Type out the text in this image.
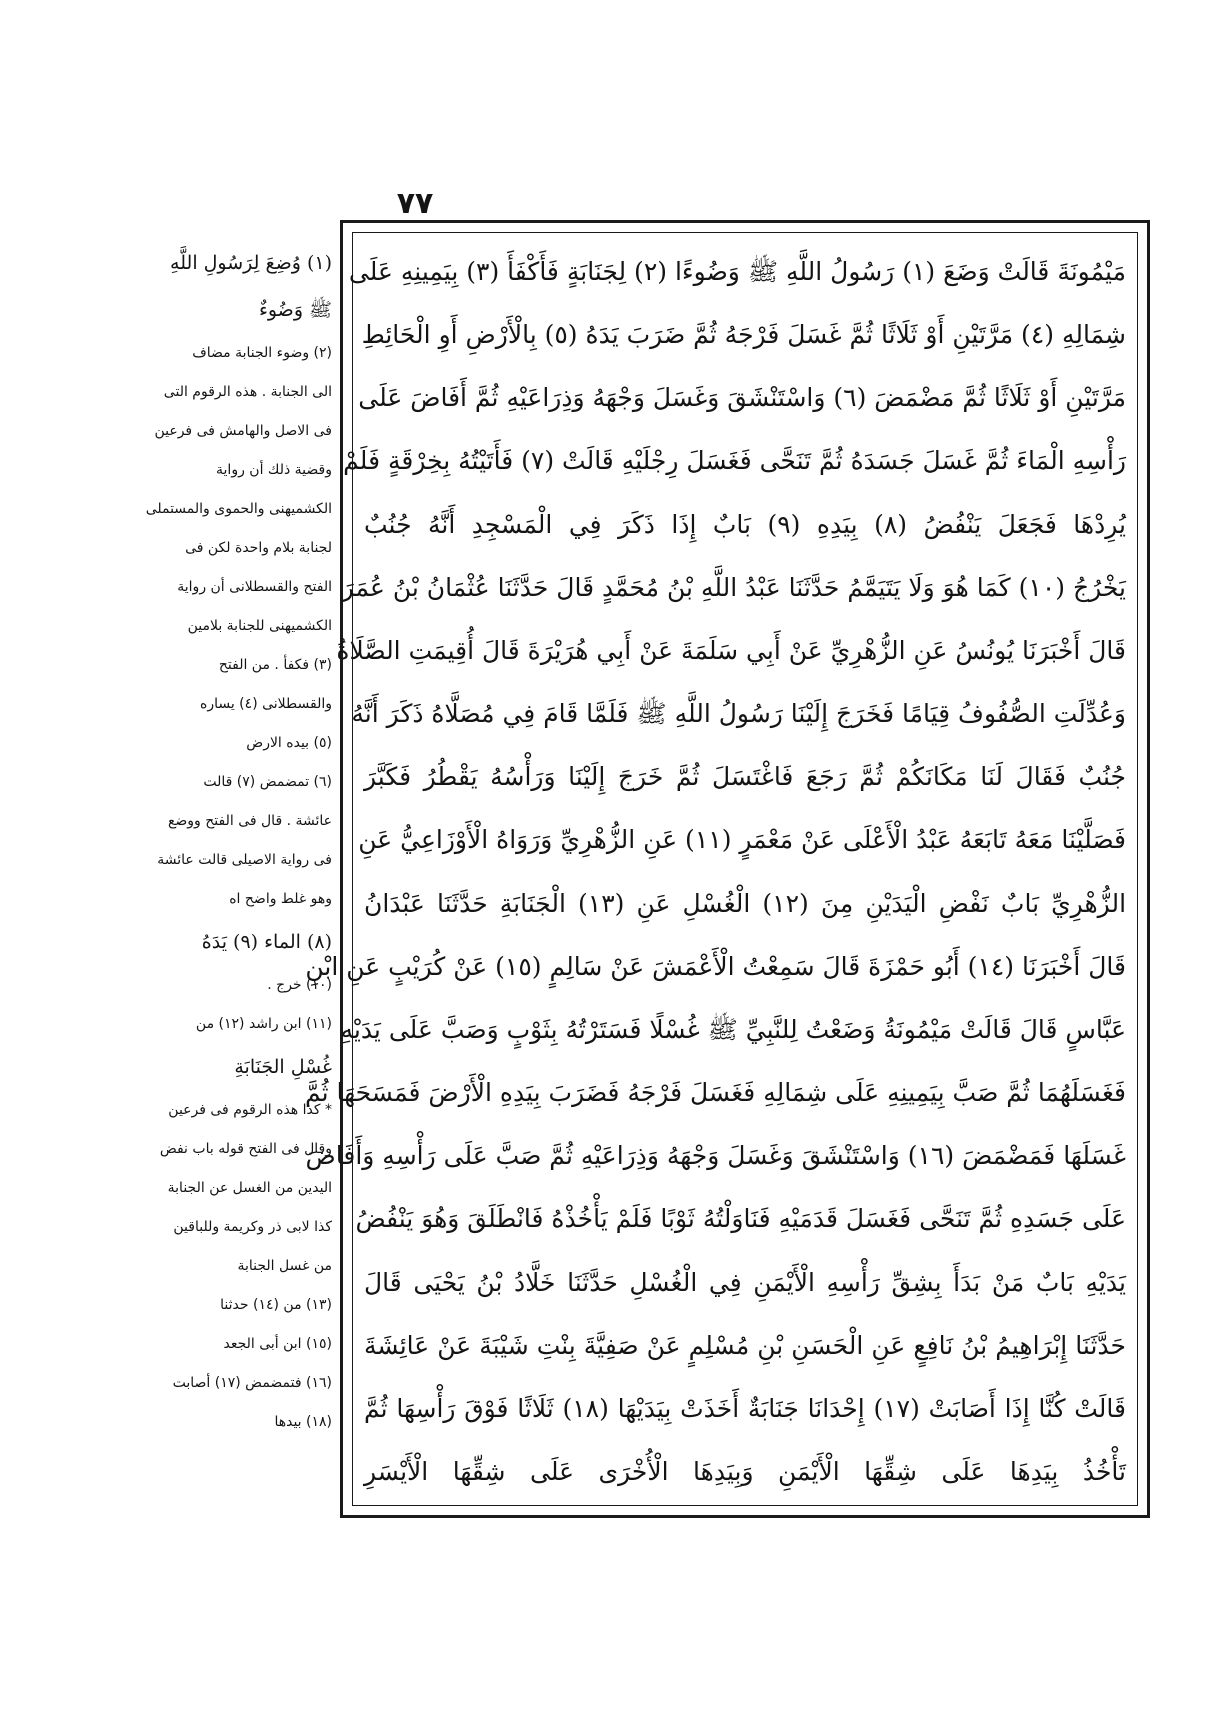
٧٧
مَيْمُونَةَ قَالَتْ وَضَعَ (١) رَسُولُ اللَّهِ ﷺ وَضُوءًا (٢) لِجَنَابَةٍ فَأَكْفَأَ (٣) بِيَمِينِهِ عَلَى
شِمَالِهِ (٤) مَرَّتَيْنِ أَوْ ثَلَاثًا ثُمَّ غَسَلَ فَرْجَهُ ثُمَّ ضَرَبَ يَدَهُ (٥) بِالْأَرْضِ أَوِ الْحَائِطِ
مَرَّتَيْنِ أَوْ ثَلَاثًا ثُمَّ مَضْمَضَ (٦) وَاسْتَنْشَقَ وَغَسَلَ وَجْهَهُ وَذِرَاعَيْهِ ثُمَّ أَفَاضَ عَلَى
رَأْسِهِ الْمَاءَ ثُمَّ غَسَلَ جَسَدَهُ ثُمَّ تَنَحَّى فَغَسَلَ رِجْلَيْهِ قَالَتْ (٧) فَأَتَيْتُهُ بِخِرْقَةٍ فَلَمْ
يُرِدْهَا فَجَعَلَ يَنْفُضُ (٨) بِيَدِهِ (٩) بَابٌ إِذَا ذَكَرَ فِي الْمَسْجِدِ أَنَّهُ جُنُبٌ
يَخْرُجُ (١٠) كَمَا هُوَ وَلَا يَتَيَمَّمُ حَدَّثَنَا عَبْدُ اللَّهِ بْنُ مُحَمَّدٍ قَالَ حَدَّثَنَا عُثْمَانُ بْنُ عُمَرَ
قَالَ أَخْبَرَنَا يُونُسُ عَنِ الزُّهْرِيِّ عَنْ أَبِي سَلَمَةَ عَنْ أَبِي هُرَيْرَةَ قَالَ أُقِيمَتِ الصَّلَاةُ
وَعُدِّلَتِ الصُّفُوفُ قِيَامًا فَخَرَجَ إِلَيْنَا رَسُولُ اللَّهِ ﷺ فَلَمَّا قَامَ فِي مُصَلَّاهُ ذَكَرَ أَنَّهُ
جُنُبٌ فَقَالَ لَنَا مَكَانَكُمْ ثُمَّ رَجَعَ فَاغْتَسَلَ ثُمَّ خَرَجَ إِلَيْنَا وَرَأْسُهُ يَقْطُرُ فَكَبَّرَ
فَصَلَّيْنَا مَعَهُ تَابَعَهُ عَبْدُ الْأَعْلَى عَنْ مَعْمَرٍ (١١) عَنِ الزُّهْرِيِّ وَرَوَاهُ الْأَوْزَاعِيُّ عَنِ
الزُّهْرِيِّ بَابٌ نَفْضِ الْيَدَيْنِ مِنَ (١٢) الْغُسْلِ عَنِ (١٣) الْجَنَابَةِ حَدَّثَنَا عَبْدَانُ
قَالَ أَخْبَرَنَا (١٤) أَبُو حَمْزَةَ قَالَ سَمِعْتُ الْأَعْمَشَ عَنْ سَالِمٍ (١٥) عَنْ كُرَيْبٍ عَنِ ابْنِ
عَبَّاسٍ قَالَ قَالَتْ مَيْمُونَةُ وَضَعْتُ لِلنَّبِيِّ ﷺ غُسْلًا فَسَتَرْتُهُ بِثَوْبٍ وَصَبَّ عَلَى يَدَيْهِ
فَغَسَلَهُمَا ثُمَّ صَبَّ بِيَمِينِهِ عَلَى شِمَالِهِ فَغَسَلَ فَرْجَهُ فَضَرَبَ بِيَدِهِ الْأَرْضَ فَمَسَحَهَا ثُمَّ
غَسَلَهَا فَمَضْمَضَ (١٦) وَاسْتَنْشَقَ وَغَسَلَ وَجْهَهُ وَذِرَاعَيْهِ ثُمَّ صَبَّ عَلَى رَأْسِهِ وَأَفَاضَ
عَلَى جَسَدِهِ ثُمَّ تَنَحَّى فَغَسَلَ قَدَمَيْهِ فَنَاوَلْتُهُ ثَوْبًا فَلَمْ يَأْخُذْهُ فَانْطَلَقَ وَهُوَ يَنْفُضُ
يَدَيْهِ بَابٌ مَنْ بَدَأَ بِشِقِّ رَأْسِهِ الْأَيْمَنِ فِي الْغُسْلِ حَدَّثَنَا خَلَّادُ بْنُ يَحْيَى قَالَ
حَدَّثَنَا إِبْرَاهِيمُ بْنُ نَافِعٍ عَنِ الْحَسَنِ بْنِ مُسْلِمٍ عَنْ صَفِيَّةَ بِنْتِ شَيْبَةَ عَنْ عَائِشَةَ
قَالَتْ كُنَّا إِذَا أَصَابَتْ (١٧) إِحْدَانَا جَنَابَةٌ أَخَذَتْ بِيَدَيْهَا (١٨) ثَلَاثًا فَوْقَ رَأْسِهَا ثُمَّ
تَأْخُذُ بِيَدِهَا عَلَى شِقِّهَا الْأَيْمَنِ وَبِيَدِهَا الْأُخْرَى عَلَى شِقِّهَا الْأَيْسَرِ
(١) وُضِعَ لِرَسُولِ اللَّهِ
ﷺ وَضُوءٌ
(٢) وضوء الجنابة مضاف
الى الجنابة . هذه الرقوم التى
فى الاصل والهامش فى فرعين
وقضية ذلك أن رواية
الكشميهنى والحموى والمستملى
لجنابة بلام واحدة لكن فى
الفتح والقسطلانى أن رواية
الكشميهنى للجنابة بلامين
(٣) فكفأ . من الفتح
والقسطلانى (٤) يساره
(٥) بيده الارض
(٦) تمضمض (٧) قالت
عائشة . قال فى الفتح ووضع
فى رواية الاصيلى قالت عائشة
وهو غلط واضح اه
(٨) الماء (٩) يَدَهُ
(١٠) خرج .
(١١) ابن راشد (١٢) من
غُسْلِ الجَنَابَةِ
* كذا هذه الرقوم فى فرعين
وقال فى الفتح قوله باب نفض
اليدين من الغسل عن الجنابة
كذا لابى ذر وكريمة وللباقين
من غسل الجنابة
(١٣) من (١٤) حدثنا
(١٥) ابن أبى الجعد
(١٦) فتمضمض (١٧) أصابت
(١٨) بيدها
